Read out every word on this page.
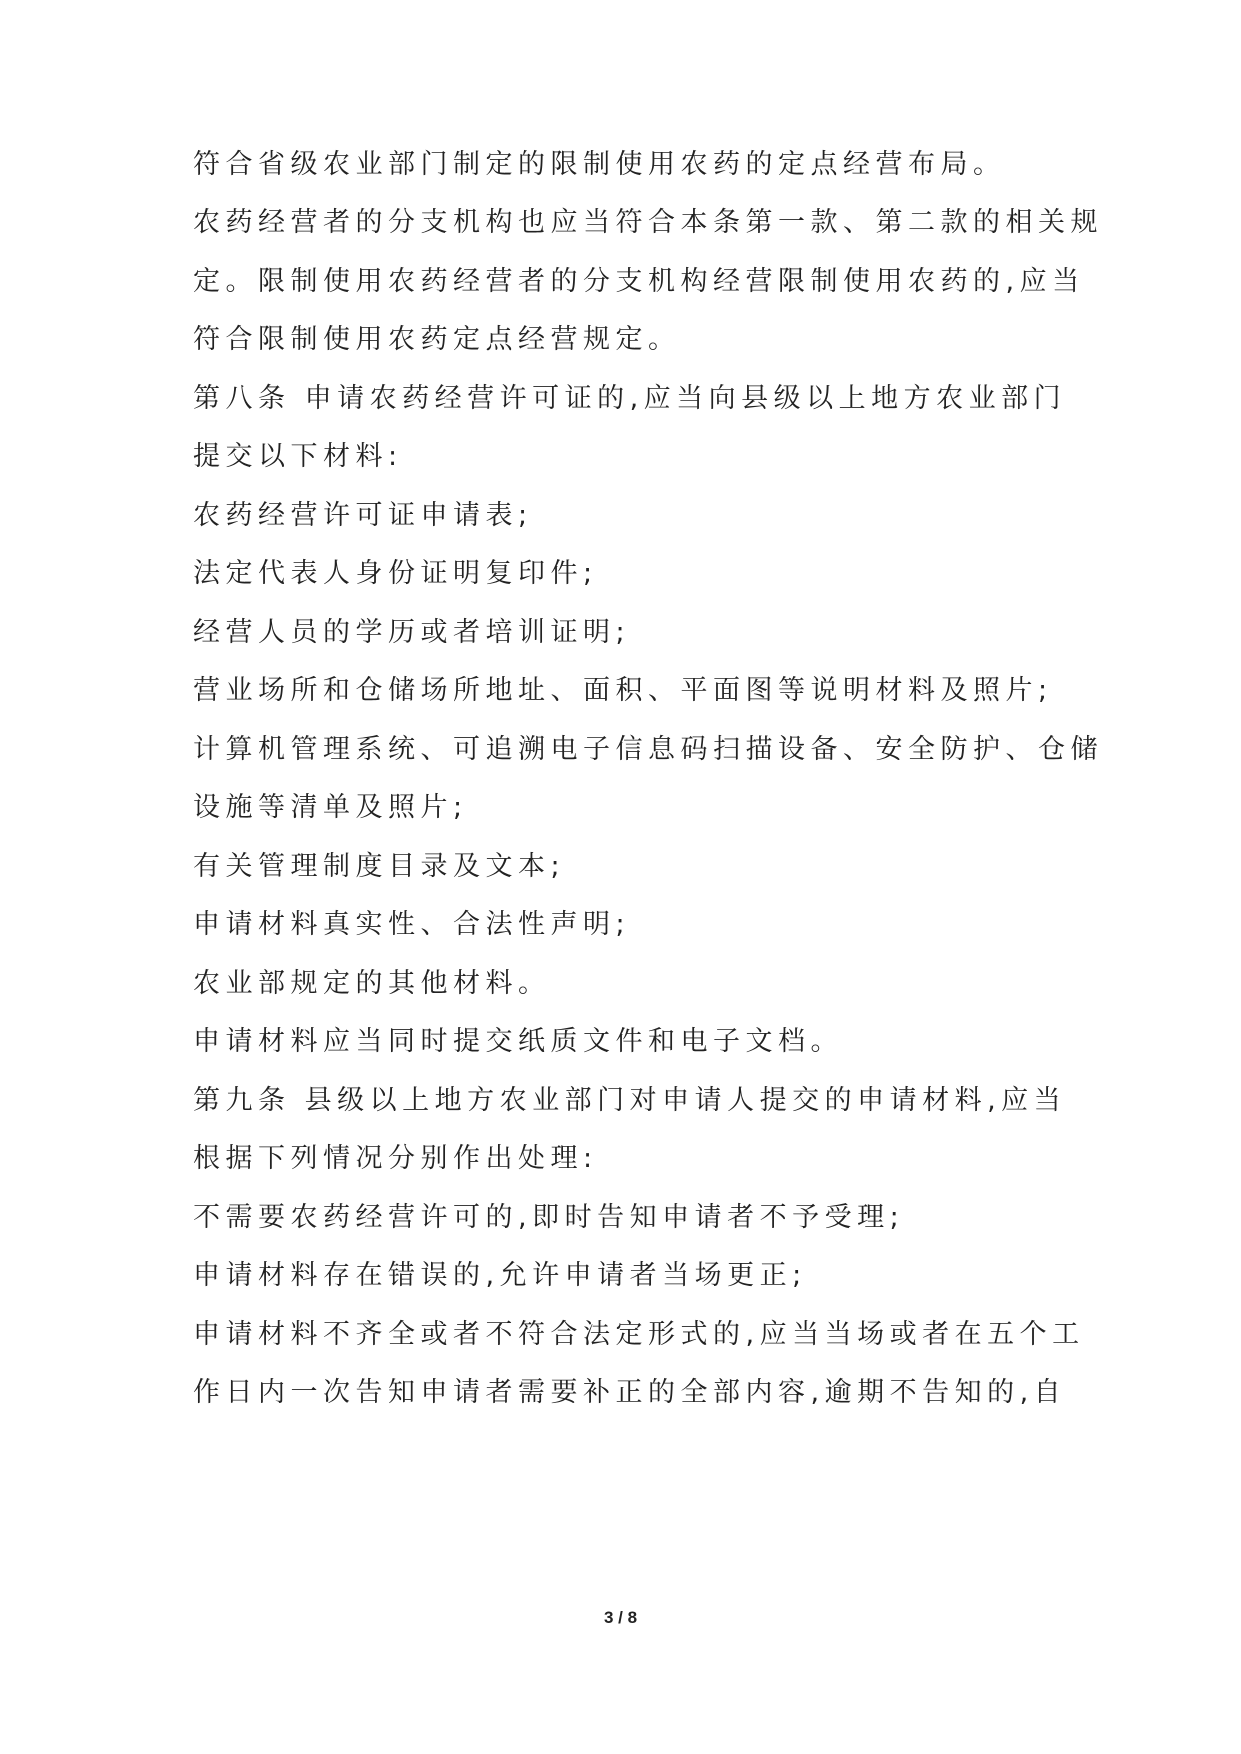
符合省级农业部门制定的限制使用农药的定点经营布局。
农药经营者的分支机构也应当符合本条第一款、第二款的相关规
定。限制使用农药经营者的分支机构经营限制使用农药的,应当
符合限制使用农药定点经营规定。
第八条 申请农药经营许可证的,应当向县级以上地方农业部门
提交以下材料:
农药经营许可证申请表;
法定代表人身份证明复印件;
经营人员的学历或者培训证明;
营业场所和仓储场所地址、面积、平面图等说明材料及照片;
计算机管理系统、可追溯电子信息码扫描设备、安全防护、仓储
设施等清单及照片;
有关管理制度目录及文本;
申请材料真实性、合法性声明;
农业部规定的其他材料。
申请材料应当同时提交纸质文件和电子文档。
第九条 县级以上地方农业部门对申请人提交的申请材料,应当
根据下列情况分别作出处理:
不需要农药经营许可的,即时告知申请者不予受理;
申请材料存在错误的,允许申请者当场更正;
申请材料不齐全或者不符合法定形式的,应当当场或者在五个工
作日内一次告知申请者需要补正的全部内容,逾期不告知的,自
3 / 8
